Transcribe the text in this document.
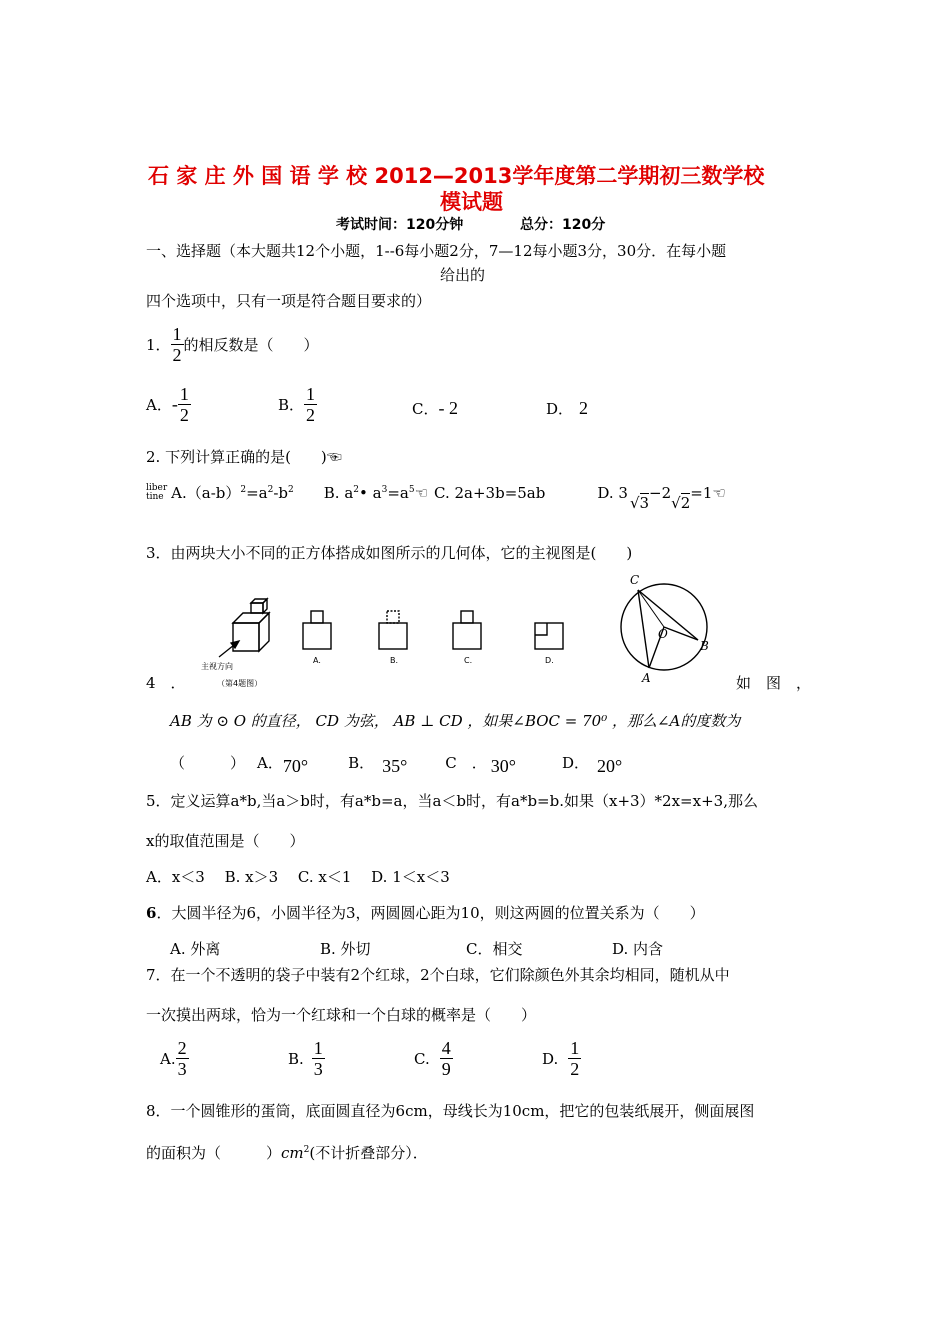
石 家 庄 外 国 语 学 校 2012—2013学年度第二学期初三数学校
模试题
考试时间：120分钟	总分：120分
一、选择题（本大题共12个小题，1--6每小题2分，7—12每小题3分，30分．在每小题
给出的
四个选项中，只有一项是符合题目要求的）
1． $\frac{1}{2}$ 的相反数是（　　）
A． - $\frac{1}{2}$	B． $\frac{1}{2}$	C． - 2	D． 2
2. 下列计算正确的是(　　)☜
liber
tine $A.(a-b)^2=a^2-b^2$ B. $a^2•$ $a^3=a^5☜$ C. 2a+3b=5ab	D. 3
√3
−2
√2
=1 ☜
3．由两块大小不同的正方体搭成如图所示的几何体，它的主视图是(　　)
主视方向
（第4题图）
A.	B.	C.	D.
C
O
B
A
4　．	如　图　，
AB 为 ⊙ O 的直径， CD 为弦， AB ⊥ CD ，如果∠BOC = 70⁰ ，那么∠A的度数为
（　　　） A． 70°	B． 35°	C　． 30°	D． 20°
5．定义运算a*b,当a＞b时，有a*b=a，当a＜b时，有a*b=b.如果（x+3）*2x=x+3,那么
x的取值范围是（　　）
A．x＜3　 B. x＞3　 C. x＜1　 D. 1＜x＜3
6．大圆半径为6，小圆半径为3，两圆圆心距为10，则这两圆的位置关系为（　　）
A. 外离	B. 外切	C．相交	D. 内含
7．在一个不透明的袋子中装有2个红球，2个白球，它们除颜色外其余均相同，随机从中
一次摸出两球，恰为一个红球和一个白球的概率是（　　）
A. $\frac{2}{3}$	B. $\frac{1}{3}$	C. $\frac{4}{9}$	D. $\frac{1}{2}$
8．一个圆锥形的蛋筒，底面圆直径为6cm，母线长为10cm，把它的包装纸展开，侧面展图
的面积为（　　　）$cm^2$(不计折叠部分）．
